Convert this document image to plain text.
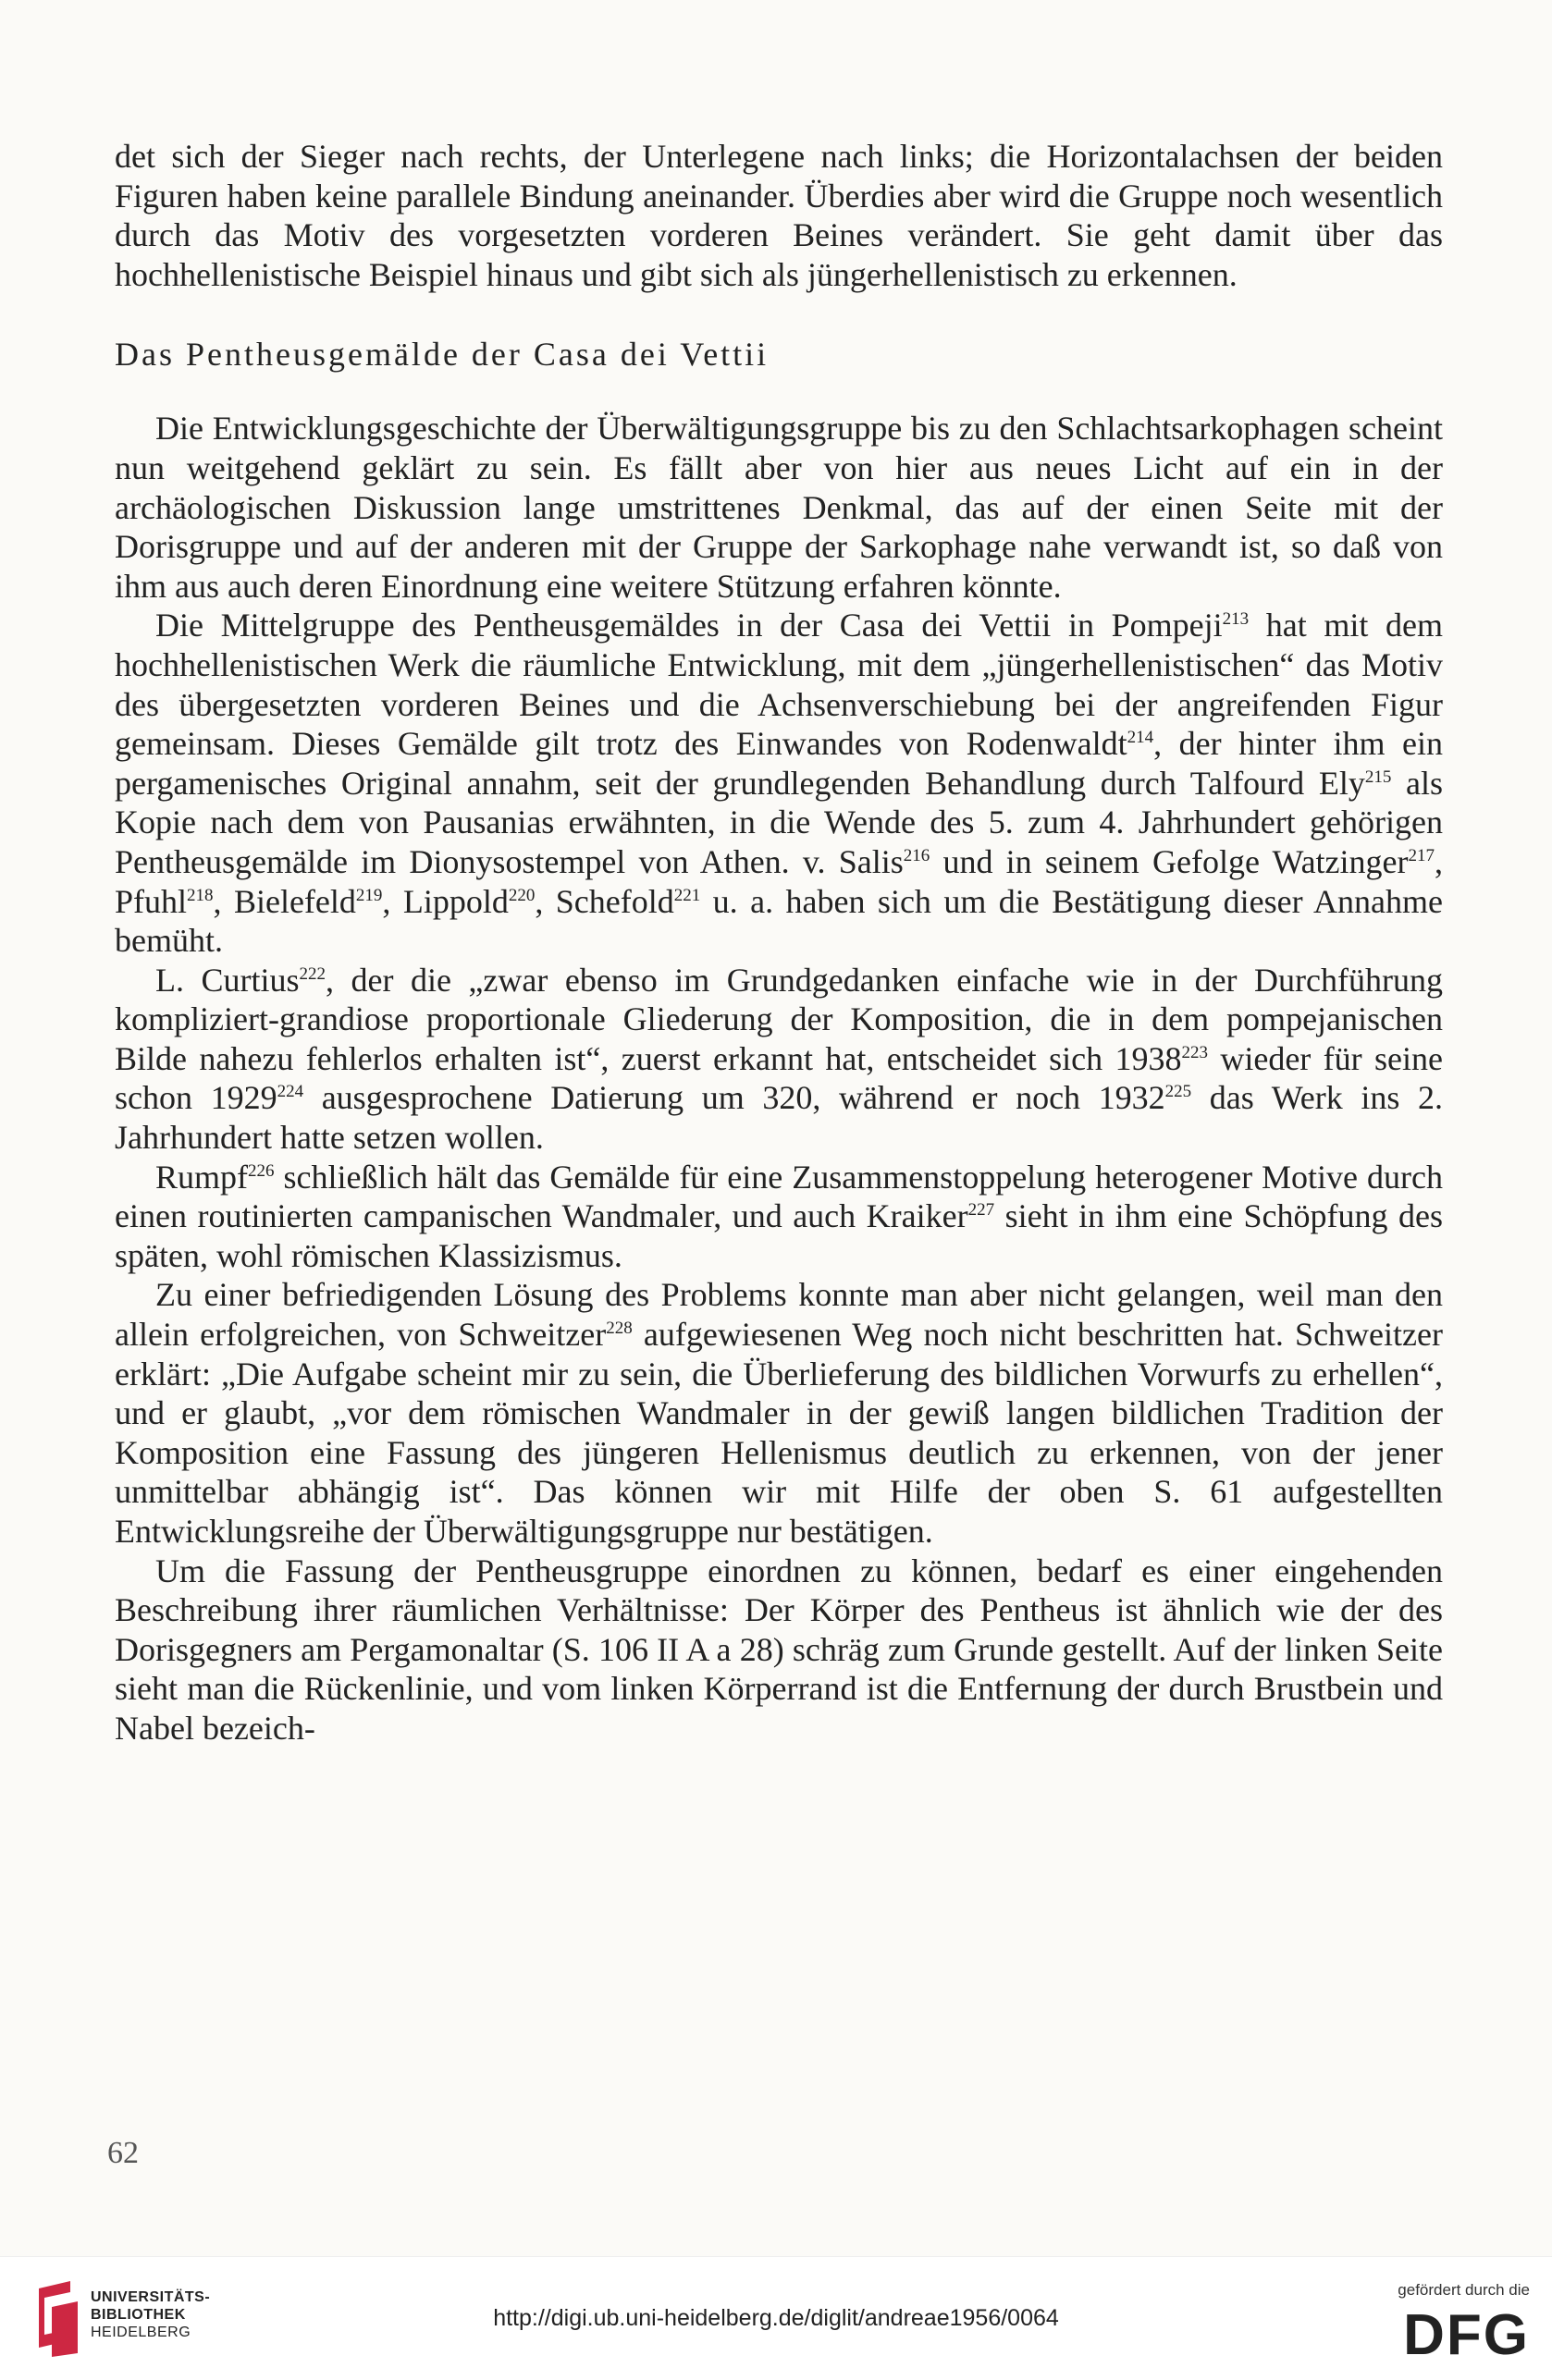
det sich der Sieger nach rechts, der Unterlegene nach links; die Horizontalachsen der beiden Figuren haben keine parallele Bindung aneinander. Überdies aber wird die Gruppe noch wesentlich durch das Motiv des vorgesetzten vorderen Beines verändert. Sie geht damit über das hochhellenistische Beispiel hinaus und gibt sich als jüngerhellenistisch zu erkennen.

Das Pentheusgemälde der Casa dei Vettii

Die Entwicklungsgeschichte der Überwältigungsgruppe bis zu den Schlachtsarkophagen scheint nun weitgehend geklärt zu sein. Es fällt aber von hier aus neues Licht auf ein in der archäologischen Diskussion lange umstrittenes Denkmal, das auf der einen Seite mit der Dorisgruppe und auf der anderen mit der Gruppe der Sarkophage nahe verwandt ist, so daß von ihm aus auch deren Einordnung eine weitere Stützung erfahren könnte.

Die Mittelgruppe des Pentheusgemäldes in der Casa dei Vettii in Pompeji$^{213}$ hat mit dem hochhellenistischen Werk die räumliche Entwicklung, mit dem „jüngerhellenistischen“ das Motiv des übergesetzten vorderen Beines und die Achsenverschiebung bei der angreifenden Figur gemeinsam. Dieses Gemälde gilt trotz des Einwandes von Rodenwaldt$^{214}$, der hinter ihm ein pergamenisches Original annahm, seit der grundlegenden Behandlung durch Talfourd Ely$^{215}$ als Kopie nach dem von Pausanias erwähnten, in die Wende des 5. zum 4. Jahrhundert gehörigen Pentheusgemälde im Dionysostempel von Athen. v. Salis$^{216}$ und in seinem Gefolge Watzinger$^{217}$, Pfuhl$^{218}$, Bielefeld$^{219}$, Lippold$^{220}$, Schefold$^{221}$ u. a. haben sich um die Bestätigung dieser Annahme bemüht.

L. Curtius$^{222}$, der die „zwar ebenso im Grundgedanken einfache wie in der Durchführung kompliziert-grandiose proportionale Gliederung der Komposition, die in dem pompejanischen Bilde nahezu fehlerlos erhalten ist“, zuerst erkannt hat, entscheidet sich 1938$^{223}$ wieder für seine schon 1929$^{224}$ ausgesprochene Datierung um 320, während er noch 1932$^{225}$ das Werk ins 2. Jahrhundert hatte setzen wollen.

Rumpf$^{226}$ schließlich hält das Gemälde für eine Zusammenstoppelung heterogener Motive durch einen routinierten campanischen Wandmaler, und auch Kraiker$^{227}$ sieht in ihm eine Schöpfung des späten, wohl römischen Klassizismus.

Zu einer befriedigenden Lösung des Problems konnte man aber nicht gelangen, weil man den allein erfolgreichen, von Schweitzer$^{228}$ aufgewiesenen Weg noch nicht beschritten hat. Schweitzer erklärt: „Die Aufgabe scheint mir zu sein, die Überlieferung des bildlichen Vorwurfs zu erhellen“, und er glaubt, „vor dem römischen Wandmaler in der gewiß langen bildlichen Tradition der Komposition eine Fassung des jüngeren Hellenismus deutlich zu erkennen, von der jener unmittelbar abhängig ist“. Das können wir mit Hilfe der oben S. 61 aufgestellten Entwicklungsreihe der Überwältigungsgruppe nur bestätigen.

Um die Fassung der Pentheusgruppe einordnen zu können, bedarf es einer eingehenden Beschreibung ihrer räumlichen Verhältnisse: Der Körper des Pentheus ist ähnlich wie der des Dorisgegners am Pergamonaltar (S. 106 II A a 28) schräg zum Grunde gestellt. Auf der linken Seite sieht man die Rückenlinie, und vom linken Körperrand ist die Entfernung der durch Brustbein und Nabel bezeich-

62
UNIVERSITÄTS-
BIBLIOTHEK
HEIDELBERG
http://digi.ub.uni-heidelberg.de/diglit/andreae1956/0064
gefördert durch die
DFG
